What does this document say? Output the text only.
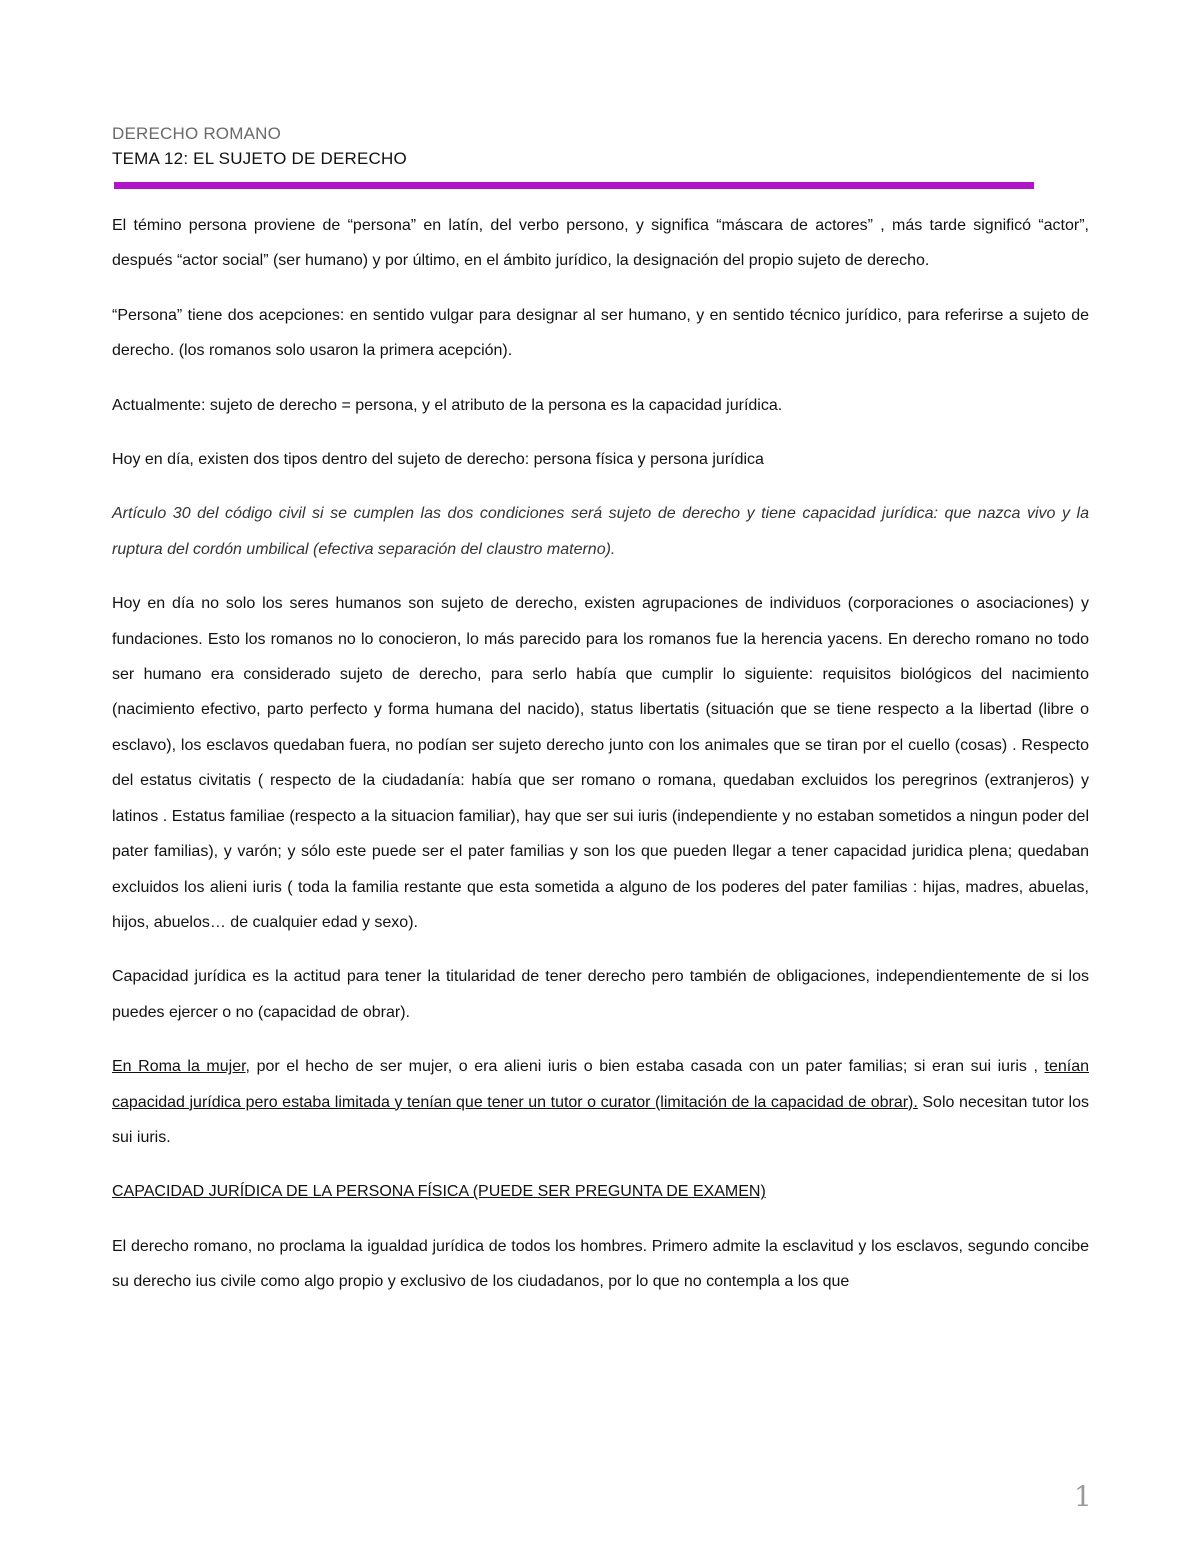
DERECHO ROMANO
TEMA 12: EL SUJETO DE DERECHO

El témino persona proviene de “persona” en latín, del verbo persono, y significa “máscara de actores” , más tarde significó “actor”, después “actor social” (ser humano) y por último, en el ámbito jurídico, la designación del propio sujeto de derecho.

“Persona” tiene dos acepciones: en sentido vulgar para designar al ser humano, y en sentido técnico jurídico, para referirse a sujeto de derecho. (los romanos solo usaron la primera acepción).

Actualmente: sujeto de derecho = persona, y el atributo de la persona es la capacidad jurídica.

Hoy en día, existen dos tipos dentro del sujeto de derecho: persona física y persona jurídica

Artículo 30 del código civil si se cumplen las dos condiciones será sujeto de derecho y tiene capacidad jurídica: que nazca vivo y la ruptura del cordón umbilical (efectiva separación del claustro materno).

Hoy en día no solo los seres humanos son sujeto de derecho, existen agrupaciones de individuos (corporaciones o asociaciones) y fundaciones. Esto los romanos no lo conocieron, lo más parecido para los romanos fue la herencia yacens. En derecho romano no todo ser humano era considerado sujeto de derecho, para serlo había que cumplir lo siguiente: requisitos biológicos del nacimiento (nacimiento efectivo, parto perfecto y forma humana del nacido), status libertatis (situación que se tiene respecto a la libertad (libre o esclavo), los esclavos quedaban fuera, no podían ser sujeto derecho junto con los animales que se tiran por el cuello (cosas) . Respecto del estatus civitatis ( respecto de la ciudadanía: había que ser romano o romana, quedaban excluidos los peregrinos (extranjeros) y latinos . Estatus familiae (respecto a la situacion familiar), hay que ser sui iuris (independiente y no estaban sometidos a ningun poder del pater familias), y varón; y sólo este puede ser el pater familias y son los que pueden llegar a tener capacidad juridica plena; quedaban excluidos los alieni iuris ( toda la familia restante que esta sometida a alguno de los poderes del pater familias : hijas, madres, abuelas, hijos, abuelos… de cualquier edad y sexo).

Capacidad jurídica es la actitud para tener la titularidad de tener derecho pero también de obligaciones, independientemente de si los puedes ejercer o no (capacidad de obrar).

En Roma la mujer, por el hecho de ser mujer, o era alieni iuris o bien estaba casada con un pater familias; si eran sui iuris , tenían capacidad jurídica pero estaba limitada y tenían que tener un tutor o curator (limitación de la capacidad de obrar). Solo necesitan tutor los sui iuris.

CAPACIDAD JURÍDICA DE LA PERSONA FÍSICA (PUEDE SER PREGUNTA DE EXAMEN)

El derecho romano, no proclama la igualdad jurídica de todos los hombres. Primero admite la esclavitud y los esclavos, segundo concibe su derecho ius civile como algo propio y exclusivo de los ciudadanos, por lo que no contempla a los que

1
